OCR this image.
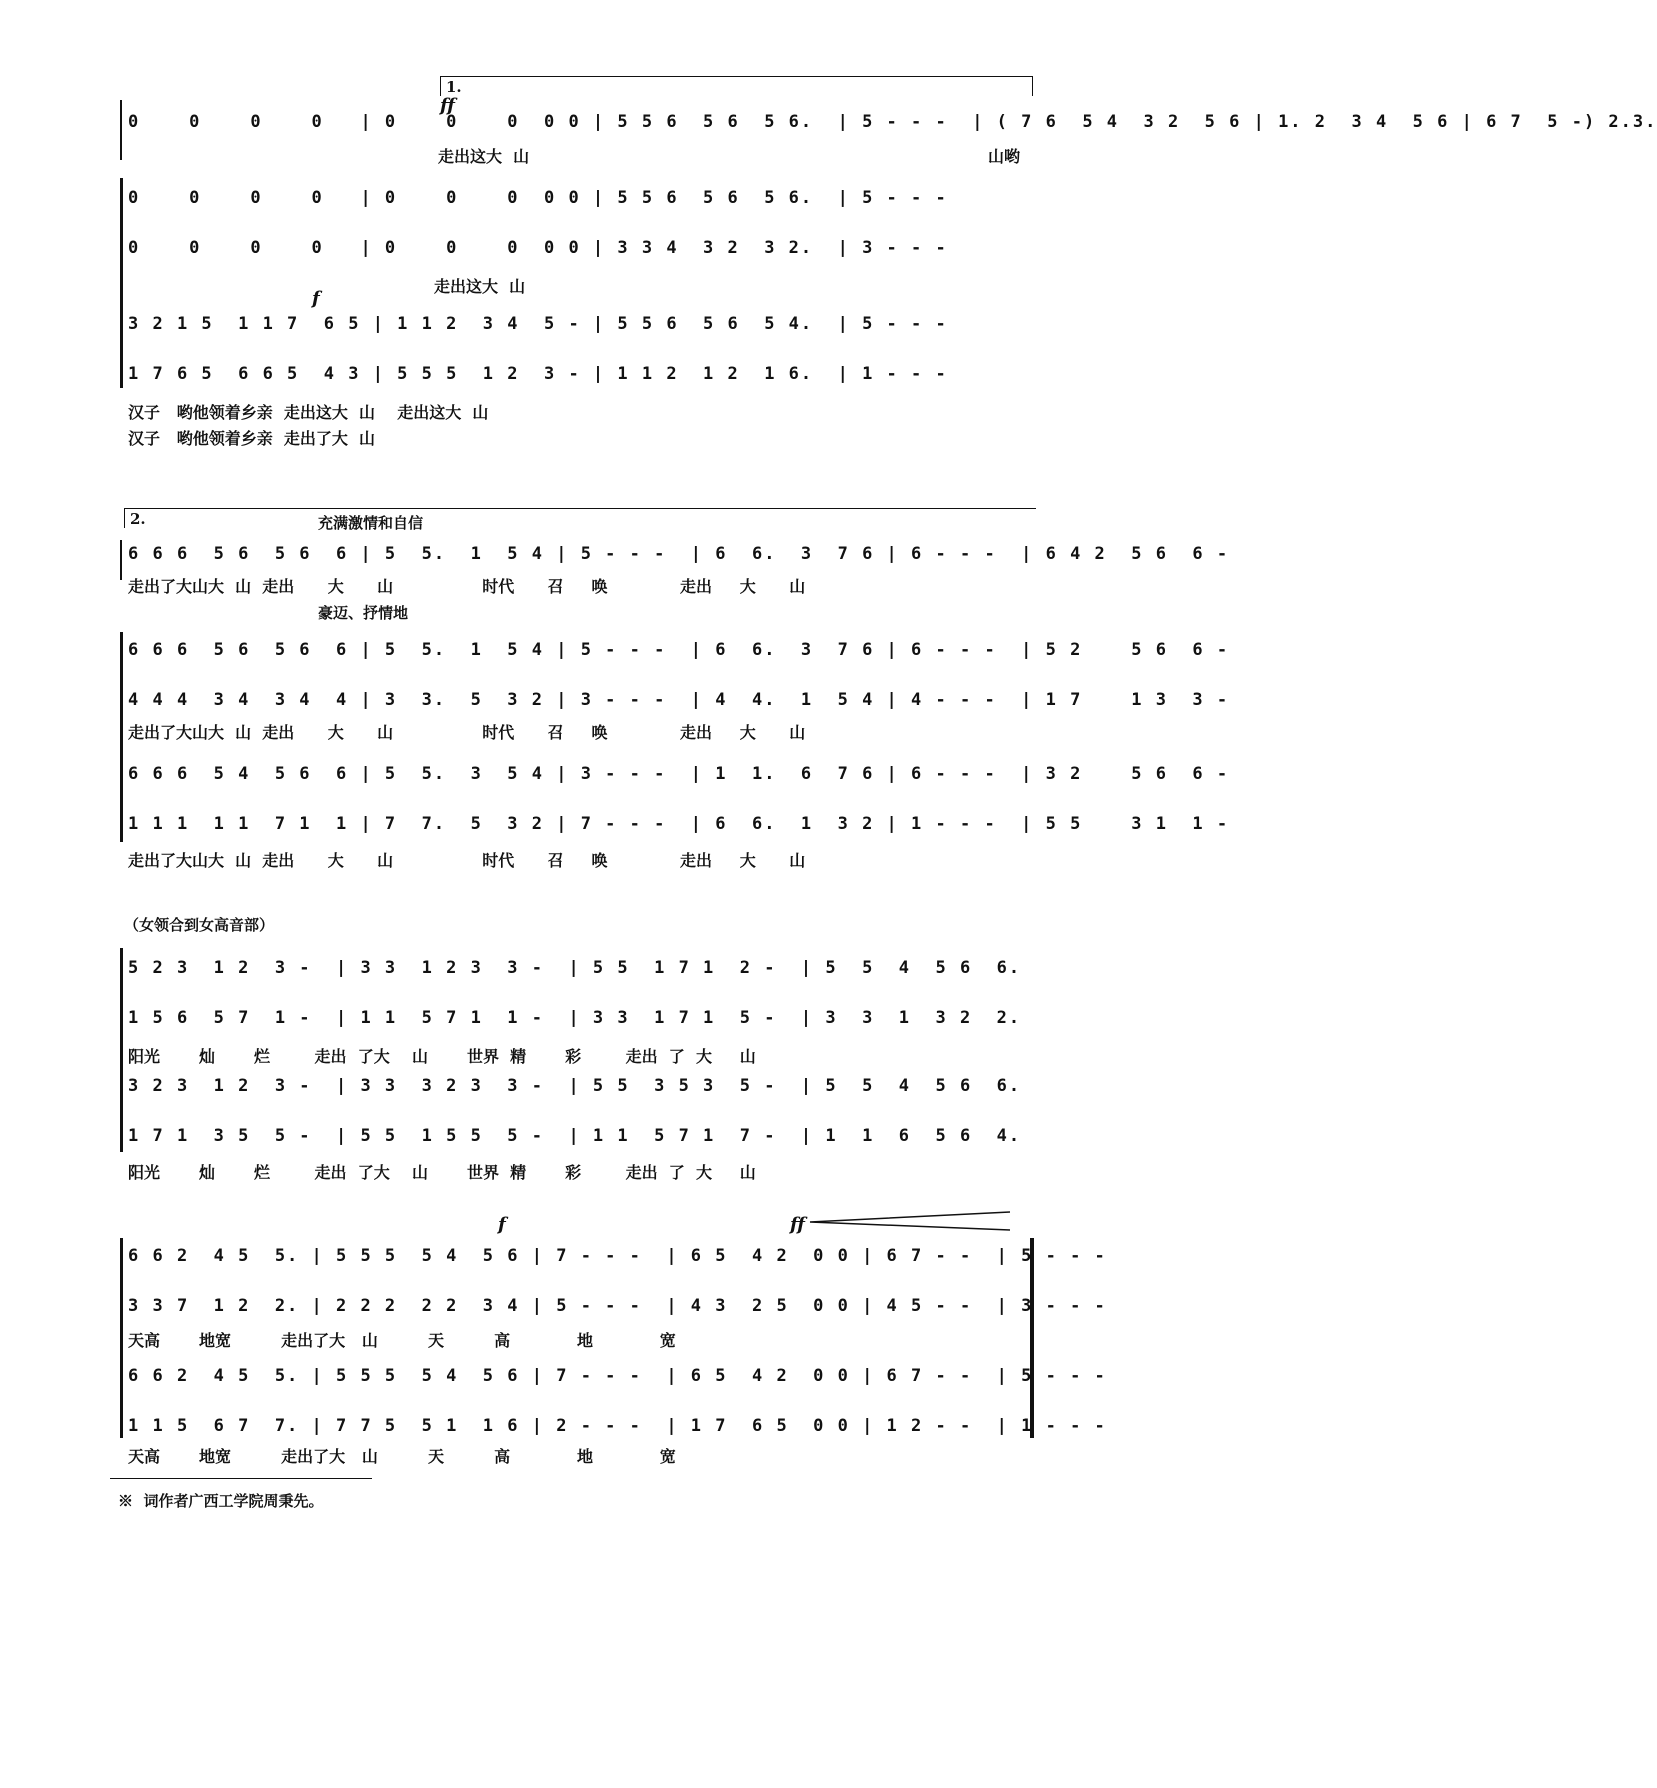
1.
ff
f
0    0    0    0   | 0    0    0  0 0 | 5 5 6  5 6  5 6.  | 5 - - -  | ( 7 6  5 4  3 2  5 6 | 1. 2  3 4  5 6 | 6 7  5 -) 2.3.
走出这大  山	山哟
0    0    0    0   | 0    0    0  0 0 | 5 5 6  5 6  5 6.  | 5 - - -
0    0    0    0   | 0    0    0  0 0 | 3 3 4  3 2  3 2.  | 3 - - -
走出这大  山
3 2 1 5  1 1 7  6 5 | 1 1 2  3 4  5 - | 5 5 6  5 6  5 4.  | 5 - - -
1 7 6 5  6 6 5  4 3 | 5 5 5  1 2  3 - | 1 1 2  1 2  1 6.  | 1 - - -
汉子   哟他领着乡亲  走出这大  山    走出这大  山
汉子   哟他领着乡亲  走出了大  山
2.	充满激情和自信
6 6 6  5 6  5 6  6 | 5  5.  1  5 4 | 5 - - -  | 6  6.  3  7 6 | 6 - - -  | 6 4 2  5 6  6 -
走出了大山大  山  走出      大      山                时代      召     唤             走出     大      山
豪迈、抒情地
6 6 6  5 6  5 6  6 | 5  5.  1  5 4 | 5 - - -  | 6  6.  3  7 6 | 6 - - -  | 5 2    5 6  6 -
4 4 4  3 4  3 4  4 | 3  3.  5  3 2 | 3 - - -  | 4  4.  1  5 4 | 4 - - -  | 1 7    1 3  3 -
走出了大山大  山  走出      大      山                时代      召     唤             走出     大      山
6 6 6  5 4  5 6  6 | 5  5.  3  5 4 | 3 - - -  | 1  1.  6  7 6 | 6 - - -  | 3 2    5 6  6 -
1 1 1  1 1  7 1  1 | 7  7.  5  3 2 | 7 - - -  | 6  6.  1  3 2 | 1 - - -  | 5 5    3 1  1 -
走出了大山大  山  走出      大      山                时代      召     唤             走出     大      山
（女领合到女高音部）
5 2 3  1 2  3 -  | 3 3  1 2 3  3 -  | 5 5  1 7 1  2 -  | 5  5  4  5 6  6.
1 5 6  5 7  1 -  | 1 1  5 7 1  1 -  | 3 3  1 7 1  5 -  | 3  3  1  3 2  2.
阳光       灿       烂        走出  了大    山       世界  精       彩        走出  了  大     山
3 2 3  1 2  3 -  | 3 3  3 2 3  3 -  | 5 5  3 5 3  5 -  | 5  5  4  5 6  6.
1 7 1  3 5  5 -  | 5 5  1 5 5  5 -  | 1 1  5 7 1  7 -  | 1  1  6  5 6  4.
阳光       灿       烂        走出  了大    山       世界  精       彩        走出  了  大     山
f	ff
6 6 2  4 5  5. | 5 5 5  5 4  5 6 | 7 - - -  | 6 5  4 2  0 0 | 6 7 - -  | 5 - - -
3 3 7  1 2  2. | 2 2 2  2 2  3 4 | 5 - - -  | 4 3  2 5  0 0 | 4 5 - -  | 3 - - -
天高       地宽         走出了大   山         天         高            地            宽
6 6 2  4 5  5. | 5 5 5  5 4  5 6 | 7 - - -  | 6 5  4 2  0 0 | 6 7 - -  | 5 - - -
1 1 5  6 7  7. | 7 7 5  5 1  1 6 | 2 - - -  | 1 7  6 5  0 0 | 1 2 - -  | 1 - - -
天高       地宽         走出了大   山         天         高            地            宽
※  词作者广西工学院周秉先。
